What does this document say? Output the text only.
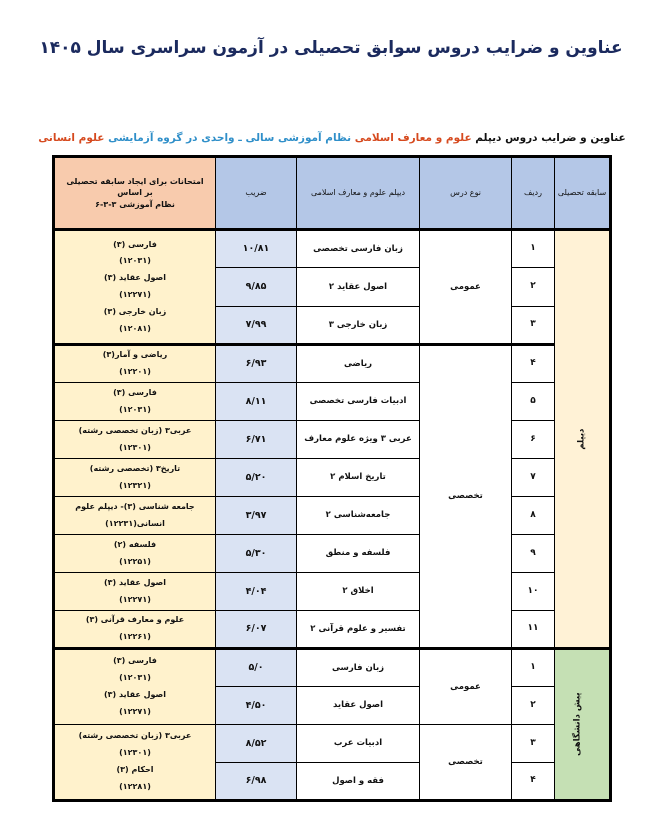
عناوین و ضرایب دروس سوابق تحصیلی در آزمون سراسری سال ۱۴۰۵
عناوین و ضرایب دروس دیپلم علوم و معارف اسلامی نظام آموزشی سالی ـ واحدی در گروه آزمایشی علوم انسانی
سابقه تحصیلی	ردیف	نوع درس	دیپلم علوم و معارف اسلامی	ضریب	امتحانات برای ایجاد سابقه تحصیلی
بر اساس
نظام آموزشی ۳-۳-۶

دیپلم	۱	عمومی	زبان فارسی تخصصی	۱۰/۸۱	
فارسی (۳)
(۱۲۰۳۱)
اصول عقاید (۳)
(۱۲۲۷۱)
زبان خارجی (۳)
(۱۲۰۸۱)

	۲		اصول عقاید ۲	۹/۸۵	
	۳		زبان خارجی ۳	۷/۹۹	
	۴	تخصصی	ریاضی	۶/۹۳	ریاضی و آمار(۳)
(۱۲۲۰۱)

	۵		ادبیات فارسی تخصصی	۸/۱۱	فارسی (۳)
(۱۲۰۳۱)

	۶		عربی ۳ ویژه علوم معارف	۶/۷۱	عربی۳ (زبان تخصصی رشته)
(۱۲۳۰۱)

	۷		تاریخ اسلام ۲	۵/۲۰	تاریخ۳ (تخصصی رشته)
(۱۲۳۲۱)

	۸		جامعه‌شناسی ۲	۳/۹۷	جامعه شناسی (۳)- دیپلم علوم
انسانی(۱۲۲۳۱)

	۹		فلسفه و منطق	۵/۳۰	فلسفه (۲)
(۱۲۲۵۱)

	۱۰		اخلاق ۲	۴/۰۴	اصول عقاید (۳)
(۱۲۲۷۱)

	۱۱		تفسیر و علوم قرآنی ۲	۶/۰۷	علوم و معارف قرآنی (۳)
(۱۲۲۶۱)

پیش دانشگاهی	۱	عمومی	زبان فارسی	۵/۰	فارسی (۳)
(۱۲۰۳۱)
اصول عقاید (۳)
(۱۲۲۷۱)

	۲		اصول عقاید	۴/۵۰	
	۳	تخصصی	ادبیات عرب	۸/۵۲	عربی۳ (زبان تخصصی رشته)
(۱۲۳۰۱)
احکام (۳)
(۱۲۲۸۱)

	۴		فقه و اصول	۶/۹۸	
